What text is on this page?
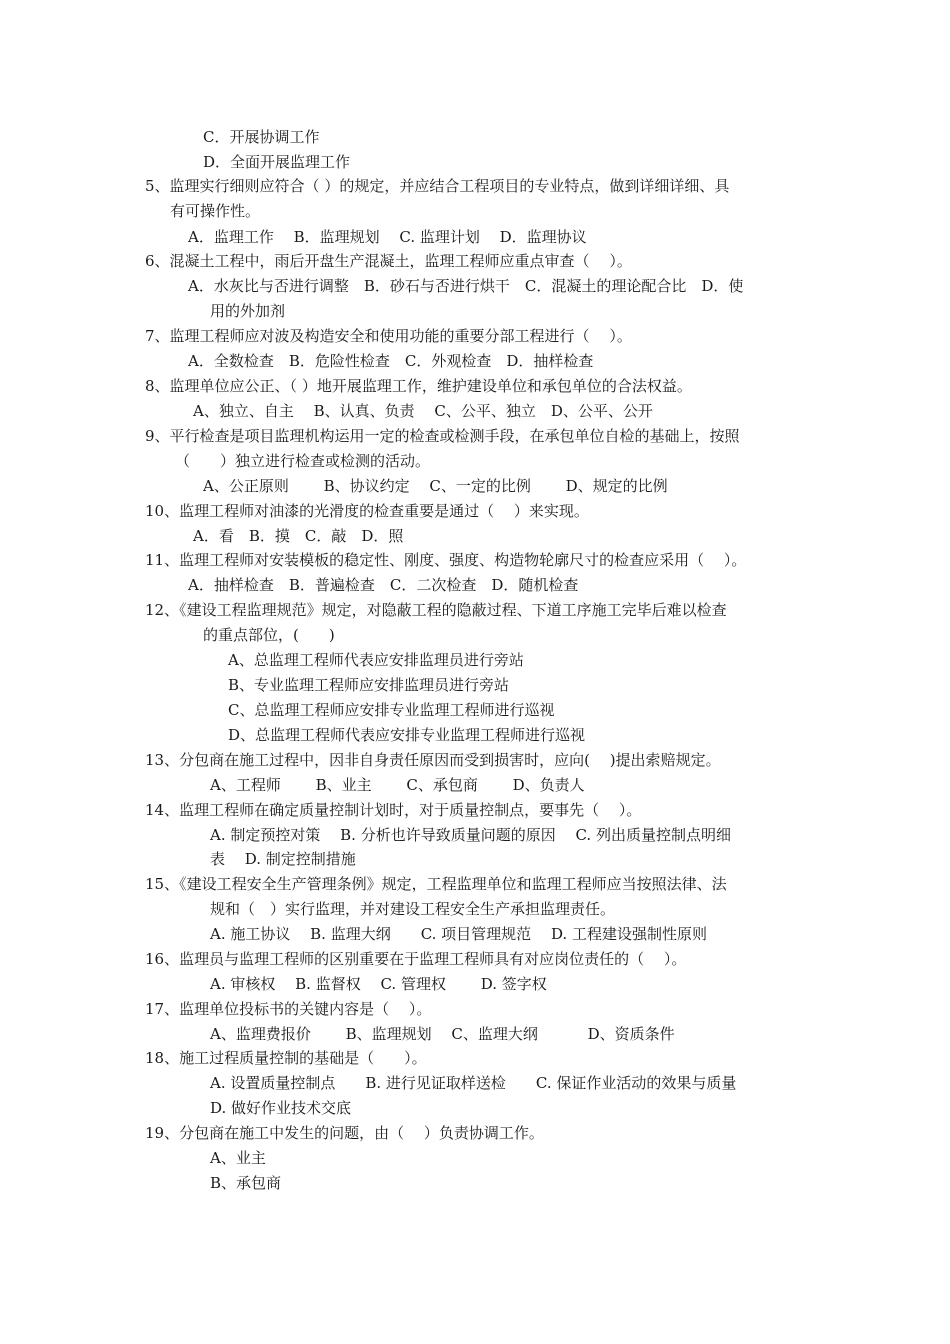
C．开展协调工作
D．全面开展监理工作
5、监理实行细则应符合（ ）的规定，并应结合工程项目的专业特点，做到详细详细、具
有可操作性。
A．监理工作　 B．监理规划　 C. 监理计划　 D．监理协议
6、混凝土工程中，雨后开盘生产混凝土，监理工程师应重点审查（　 ）。
A．水灰比与否进行调整　B．砂石与否进行烘干　C．混凝土的理论配合比　D．使
用的外加剂
7、监理工程师应对波及构造安全和使用功能的重要分部工程进行（　 ）。
A．全数检查　B．危险性检查　C．外观检查　D．抽样检查
8、监理单位应公正、（ ）地开展监理工作，维护建设单位和承包单位的合法权益。
A、独立、自主　 B、认真、负责　 C、公平、独立　D、公平、公开
9、平行检查是项目监理机构运用一定的检查或检测手段，在承包单位自检的基础上，按照
（　　）独立进行检查或检测的活动。
A、公正原则　　 B、协议约定　 C、一定的比例　　 D、规定的比例
10、监理工程师对油漆的光滑度的检查重要是通过（　 ）来实现。
A．看　B．摸　C．敲　D．照
11、监理工程师对安装模板的稳定性、刚度、强度、构造物轮廓尺寸的检查应采用（　 ）。
A．抽样检查　B．普遍检查　C．二次检查　D．随机检查
12、《建设工程监理规范》规定，对隐蔽工程的隐蔽过程、下道工序施工完毕后难以检查
的重点部位，(　　)
A、总监理工程师代表应安排监理员进行旁站
B、专业监理工程师应安排监理员进行旁站
C、总监理工程师应安排专业监理工程师进行巡视
D、总监理工程师代表应安排专业监理工程师进行巡视
13、分包商在施工过程中，因非自身责任原因而受到损害时，应向(　 )提出索赔规定。
A、工程师　　 B、业主　　 C、承包商　　 D、负责人
14、监理工程师在确定质量控制计划时，对于质量控制点，要事先（　 ）。
A. 制定预控对策　 B. 分析也许导致质量问题的原因　 C. 列出质量控制点明细
表　 D. 制定控制措施
15、《建设工程安全生产管理条例》规定，工程监理单位和监理工程师应当按照法律、法
规和（　）实行监理，并对建设工程安全生产承担监理责任。
A. 施工协议　 B. 监理大纲　　C. 项目管理规范　 D. 工程建设强制性原则
16、监理员与监理工程师的区别重要在于监理工程师具有对应岗位责任的（　 ）。
A. 审核权　 B. 监督权　 C. 管理权　　 D. 签字权
17、监理单位投标书的关键内容是（　 ）。
A、监理费报价　　 B、监理规划　 C、监理大纲　　　 D、资质条件
18、施工过程质量控制的基础是（　　）。
A. 设置质量控制点　　B. 进行见证取样送检　　C. 保证作业活动的效果与质量
D. 做好作业技术交底
19、分包商在施工中发生的问题，由（　 ）负责协调工作。
A、业主
B、承包商
